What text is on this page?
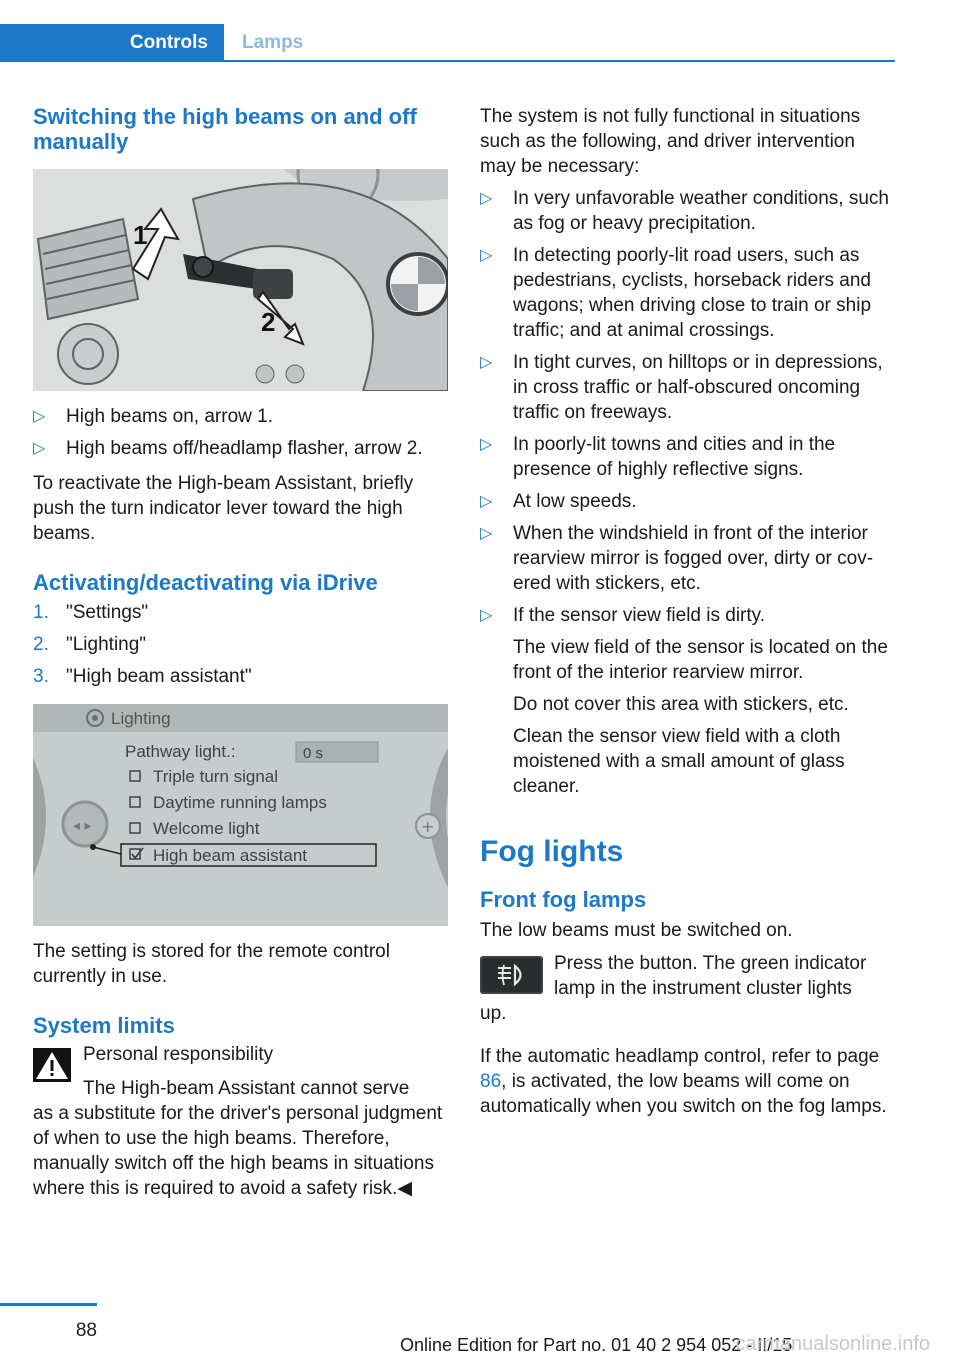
Controls	Lamps
Switching the high beams on and off manually
1
2
▷ High beams on, arrow 1.
▷ High beams off/headlamp flasher, arrow 2.

To reactivate the High-beam Assistant, briefly push the turn indicator lever toward the high beams.

Activating/deactivating via iDrive
1. "Settings"
2. "Lighting"
3. "High beam assistant"
◂ ▸	+
Lighting
Pathway light.:	0 s
Triple turn signal
Daytime running lamps
Welcome light
High beam assistant

The setting is stored for the remote control currently in use.

System limits

Personal responsibility

The High-beam Assistant cannot serve

as a substitute for the driver's personal judgment of when to use the high beams. Therefore, manually switch off the high beams in situations where this is required to avoid a safety risk.◀

The system is not fully functional in situations such as the following, and driver intervention may be necessary:

▷ In very unfavorable weather conditions, such as fog or heavy precipitation.
▷ In detecting poorly-lit road users, such as pedestrians, cyclists, horseback riders and wagons; when driving close to train or ship traffic; and at animal crossings.
▷ In tight curves, on hilltops or in depressions, in cross traffic or half-obscured oncoming traffic on freeways.
▷ In poorly-lit towns and cities and in the presence of highly reflective signs.
▷ At low speeds.
▷ When the windshield in front of the interior rearview mirror is fogged over, dirty or covered with stickers, etc.
▷ If the sensor view field is dirty.

The view field of the sensor is located on the front of the interior rearview mirror.

Do not cover this area with stickers, etc.

Clean the sensor view field with a cloth moistened with a small amount of glass cleaner.

Fog lights
Front fog lamps

The low beams must be switched on.

Press the button. The green indicator

lamp in the instrument cluster lights

up.

If the automatic headlamp control, refer to page 86, is activated, the low beams will come on automatically when you switch on the fog lamps.

88
Online Edition for Part no. 01 40 2 954 052 - II/15
carmanualsonline.info
